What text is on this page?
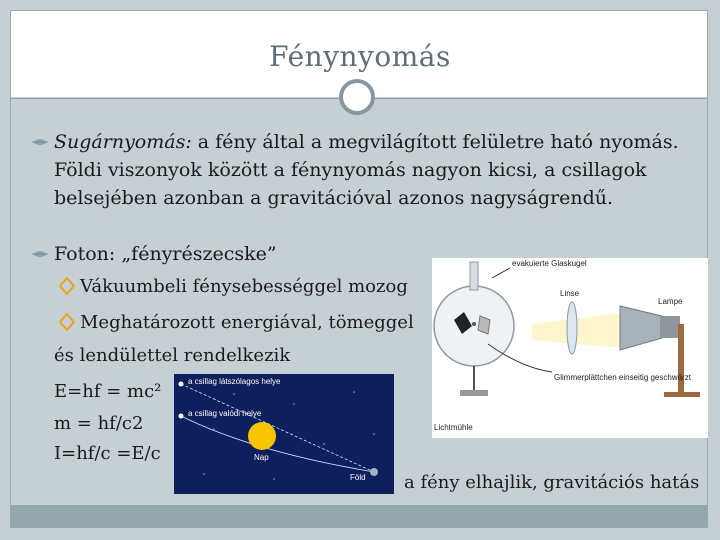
Fénynyomás
Sugárnyomás: a fény által a megvilágított felületre ható nyomás. Földi viszonyok között a fénynyomás nagyon kicsi, a csillagok belsejében azonban a gravitációval azonos nagyságrendű.
Foton: „fényrészecske”
Vákuumbeli fénysebességgel mozog
Meghatározott energiával, tömeggel
és lendülettel rendelkezik
E=hf = mc²
m = hf/c2
I=hf/c =E/c
evakuierte Glaskugel
Linse
Lampe
Glimmerplättchen einseitig geschwärzt
Lichtmühle
a csillag látszólagos helye
a csillag valódi helye
Nap
Föld a fény elhajlik, gravitációs hatás
